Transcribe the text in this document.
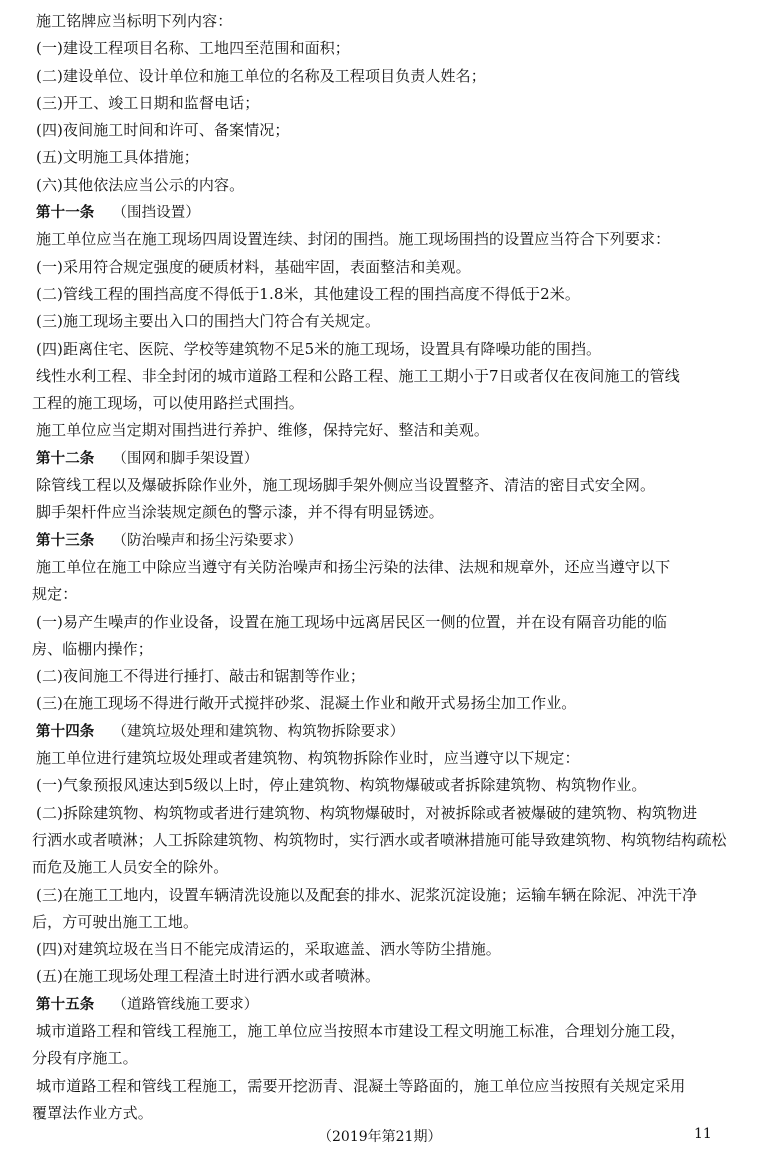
施工铭牌应当标明下列内容：
(一)建设工程项目名称、工地四至范围和面积；
(二)建设单位、设计单位和施工单位的名称及工程项目负责人姓名；
(三)开工、竣工日期和监督电话；
(四)夜间施工时间和许可、备案情况；
(五)文明施工具体措施；
(六)其他依法应当公示的内容。
第十一条 （围挡设置）
施工单位应当在施工现场四周设置连续、封闭的围挡。施工现场围挡的设置应当符合下列要求：
(一)采用符合规定强度的硬质材料，基础牢固，表面整洁和美观。
(二)管线工程的围挡高度不得低于1.8米，其他建设工程的围挡高度不得低于2米。
(三)施工现场主要出入口的围挡大门符合有关规定。
(四)距离住宅、医院、学校等建筑物不足5米的施工现场，设置具有降噪功能的围挡。
线性水利工程、非全封闭的城市道路工程和公路工程、施工工期小于7日或者仅在夜间施工的管线
工程的施工现场，可以使用路拦式围挡。
施工单位应当定期对围挡进行养护、维修，保持完好、整洁和美观。
第十二条 （围网和脚手架设置）
除管线工程以及爆破拆除作业外，施工现场脚手架外侧应当设置整齐、清洁的密目式安全网。
脚手架杆件应当涂装规定颜色的警示漆，并不得有明显锈迹。
第十三条 （防治噪声和扬尘污染要求）
施工单位在施工中除应当遵守有关防治噪声和扬尘污染的法律、法规和规章外，还应当遵守以下
规定：
(一)易产生噪声的作业设备，设置在施工现场中远离居民区一侧的位置，并在设有隔音功能的临
房、临棚内操作；
(二)夜间施工不得进行捶打、敲击和锯割等作业；
(三)在施工现场不得进行敞开式搅拌砂浆、混凝土作业和敞开式易扬尘加工作业。
第十四条 （建筑垃圾处理和建筑物、构筑物拆除要求）
施工单位进行建筑垃圾处理或者建筑物、构筑物拆除作业时，应当遵守以下规定：
(一)气象预报风速达到5级以上时，停止建筑物、构筑物爆破或者拆除建筑物、构筑物作业。
(二)拆除建筑物、构筑物或者进行建筑物、构筑物爆破时，对被拆除或者被爆破的建筑物、构筑物进
行洒水或者喷淋；人工拆除建筑物、构筑物时，实行洒水或者喷淋措施可能导致建筑物、构筑物结构疏松
而危及施工人员安全的除外。
(三)在施工工地内，设置车辆清洗设施以及配套的排水、泥浆沉淀设施；运输车辆在除泥、冲洗干净
后，方可驶出施工工地。
(四)对建筑垃圾在当日不能完成清运的，采取遮盖、洒水等防尘措施。
(五)在施工现场处理工程渣土时进行洒水或者喷淋。
第十五条 （道路管线施工要求）
城市道路工程和管线工程施工，施工单位应当按照本市建设工程文明施工标准，合理划分施工段，
分段有序施工。
城市道路工程和管线工程施工，需要开挖沥青、混凝土等路面的，施工单位应当按照有关规定采用
覆罩法作业方式。
（2019年第21期）	11
